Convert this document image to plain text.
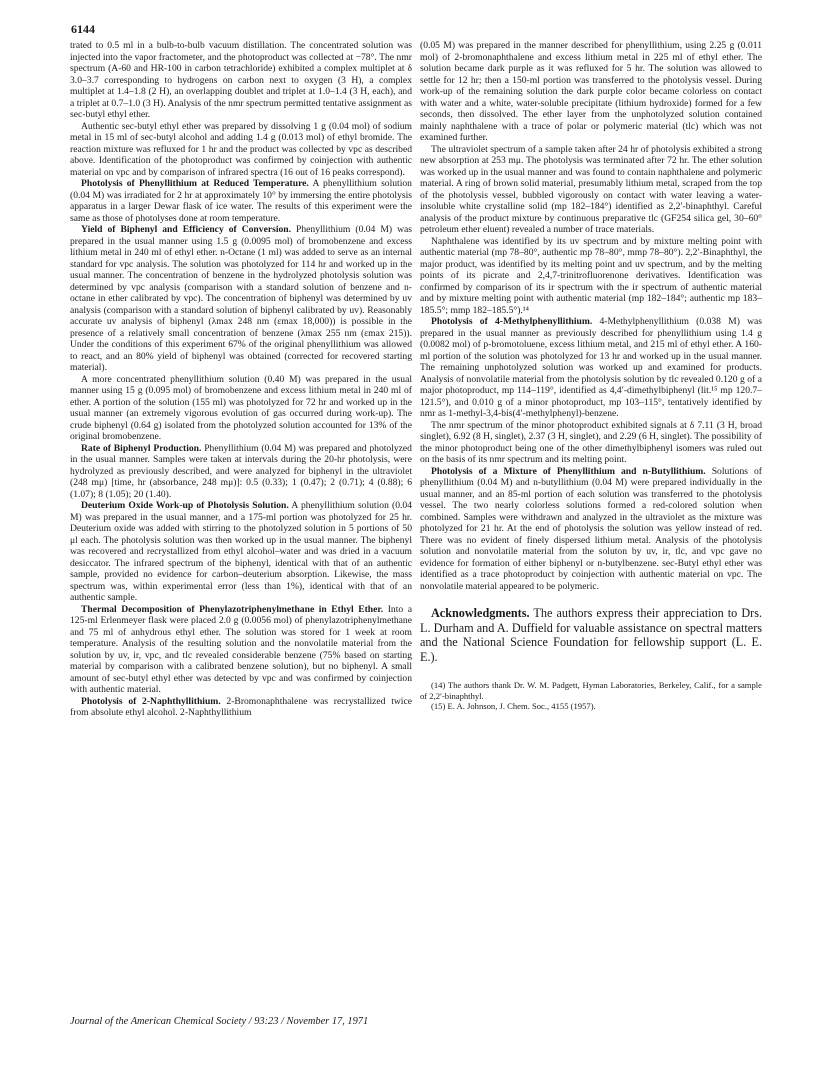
6144

trated to 0.5 ml in a bulb-to-bulb vacuum distillation. The concentrated solution was injected into the vapor fractometer, and the photoproduct was collected at −78°. The nmr spectrum (A-60 and HR-100 in carbon tetrachloride) exhibited a complex multiplet at δ 3.0–3.7 corresponding to hydrogens on carbon next to oxygen (3 H), a complex multiplet at 1.4–1.8 (2 H), an overlapping doublet and triplet at 1.0–1.4 (3 H, each), and a triplet at 0.7–1.0 (3 H). Analysis of the nmr spectrum permitted tentative assignment as sec-butyl ethyl ether.

Authentic sec-butyl ethyl ether was prepared by dissolving 1 g (0.04 mol) of sodium metal in 15 ml of sec-butyl alcohol and adding 1.4 g (0.013 mol) of ethyl bromide. The reaction mixture was refluxed for 1 hr and the product was collected by vpc as described above. Identification of the photoproduct was confirmed by coinjection with authentic material on vpc and by comparison of infrared spectra (16 out of 16 peaks correspond).

Photolysis of Phenyllithium at Reduced Temperature. A phenyllithium solution (0.04 M) was irradiated for 2 hr at approximately 10° by immersing the entire photolysis apparatus in a larger Dewar flask of ice water. The results of this experiment were the same as those of photolyses done at room temperature.

Yield of Biphenyl and Efficiency of Conversion. Phenyllithium (0.04 M) was prepared in the usual manner using 1.5 g (0.0095 mol) of bromobenzene and excess lithium metal in 240 ml of ethyl ether. n-Octane (1 ml) was added to serve as an internal standard for vpc analysis. The solution was photolyzed for 114 hr and worked up in the usual manner. The concentration of benzene in the hydrolyzed photolysis solution was determined by vpc analysis (comparison with a standard solution of benzene and n-octane in ether calibrated by vpc). The concentration of biphenyl was determined by uv analysis (comparison with a standard solution of biphenyl calibrated by uv). Reasonably accurate uv analysis of biphenyl (λmax 248 nm (εmax 18,000)) is possible in the presence of a relatively small concentration of benzene (λmax 255 nm (εmax 215)). Under the conditions of this experiment 67% of the original phenyllithium was allowed to react, and an 80% yield of biphenyl was obtained (corrected for recovered starting material).

A more concentrated phenyllithium solution (0.40 M) was prepared in the usual manner using 15 g (0.095 mol) of bromobenzene and excess lithium metal in 240 ml of ether. A portion of the solution (155 ml) was photolyzed for 72 hr and worked up in the usual manner (an extremely vigorous evolution of gas occurred during work-up). The crude biphenyl (0.64 g) isolated from the photolyzed solution accounted for 13% of the original bromobenzene.

Rate of Biphenyl Production. Phenyllithium (0.04 M) was prepared and photolyzed in the usual manner. Samples were taken at intervals during the 20-hr photolysis, were hydrolyzed as previously described, and were analyzed for biphenyl in the ultraviolet (248 mμ) [time, hr (absorbance, 248 mμ)]: 0.5 (0.33); 1 (0.47); 2 (0.71); 4 (0.88); 6 (1.07); 8 (1.05); 20 (1.40).

Deuterium Oxide Work-up of Photolysis Solution. A phenyllithium solution (0.04 M) was prepared in the usual manner, and a 175-ml portion was photolyzed for 25 hr. Deuterium oxide was added with stirring to the photolyzed solution in 5 portions of 50 μl each. The photolysis solution was then worked up in the usual manner. The biphenyl was recovered and recrystallized from ethyl alcohol–water and was dried in a vacuum desiccator. The infrared spectrum of the biphenyl, identical with that of an authentic sample, provided no evidence for carbon–deuterium absorption. Likewise, the mass spectrum was, within experimental error (less than 1%), identical with that of an authentic sample.

Thermal Decomposition of Phenylazotriphenylmethane in Ethyl Ether. Into a 125-ml Erlenmeyer flask were placed 2.0 g (0.0056 mol) of phenylazotriphenylmethane and 75 ml of anhydrous ethyl ether. The solution was stored for 1 week at room temperature. Analysis of the resulting solution and the nonvolatile material from the solution by uv, ir, vpc, and tlc revealed considerable benzene (75% based on starting material by comparison with a calibrated benzene solution), but no biphenyl. A small amount of sec-butyl ethyl ether was detected by vpc and was confirmed by coinjection with authentic material.

Photolysis of 2-Naphthyllithium. 2-Bromonaphthalene was recrystallized twice from absolute ethyl alcohol. 2-Naphthyllithium

(0.05 M) was prepared in the manner described for phenyllithium, using 2.25 g (0.011 mol) of 2-bromonaphthalene and excess lithium metal in 225 ml of ethyl ether. The solution became dark purple as it was refluxed for 5 hr. The solution was allowed to settle for 12 hr; then a 150-ml portion was transferred to the photolysis vessel. During work-up of the remaining solution the dark purple color became colorless on contact with water and a white, water-soluble precipitate (lithium hydroxide) formed for a few seconds, then dissolved. The ether layer from the unphotolyzed solution contained mainly naphthalene with a trace of polar or polymeric material (tlc) which was not examined further.

The ultraviolet spectrum of a sample taken after 24 hr of photolysis exhibited a strong new absorption at 253 mμ. The photolysis was terminated after 72 hr. The ether solution was worked up in the usual manner and was found to contain naphthalene and polymeric material. A ring of brown solid material, presumably lithium metal, scraped from the top of the photolysis vessel, bubbled vigorously on contact with water leaving a water-insoluble white crystalline solid (mp 182–184°) identified as 2,2′-binaphthyl. Careful analysis of the product mixture by continuous preparative tlc (GF254 silica gel, 30–60° petroleum ether eluent) revealed a number of trace materials.

Naphthalene was identified by its uv spectrum and by mixture melting point with authentic material (mp 78–80°, authentic mp 78–80°, mmp 78–80°). 2,2′-Binaphthyl, the major product, was identified by its melting point and uv spectrum, and by the melting points of its picrate and 2,4,7-trinitrofluorenone derivatives. Identification was confirmed by comparison of its ir spectrum with the ir spectrum of authentic material and by mixture melting point with authentic material (mp 182–184°; authentic mp 183–185.5°; mmp 182–185.5°).¹⁴

Photolysis of 4-Methylphenyllithium. 4-Methylphenyllithium (0.038 M) was prepared in the usual manner as previously described for phenyllithium using 1.4 g (0.0082 mol) of p-bromotoluene, excess lithium metal, and 215 ml of ethyl ether. A 160-ml portion of the solution was photolyzed for 13 hr and worked up in the usual manner. The remaining unphotolyzed solution was worked up and examined for products. Analysis of nonvolatile material from the photolysis solution by tlc revealed 0.120 g of a major photoproduct, mp 114–119°, identified as 4,4′-dimethylbiphenyl (lit.¹⁵ mp 120.7–121.5°), and 0.010 g of a minor photoproduct, mp 103–115°, tentatively identified by nmr as 1-methyl-3,4-bis(4′-methylphenyl)-benzene.

The nmr spectrum of the minor photoproduct exhibited signals at δ 7.11 (3 H, broad singlet), 6.92 (8 H, singlet), 2.37 (3 H, singlet), and 2.29 (6 H, singlet). The possibility of the minor photoproduct being one of the other dimethylbiphenyl isomers was ruled out on the basis of its nmr spectrum and its melting point.

Photolysis of a Mixture of Phenyllithium and n-Butyllithium. Solutions of phenyllithium (0.04 M) and n-butyllithium (0.04 M) were prepared individually in the usual manner, and an 85-ml portion of each solution was transferred to the photolysis vessel. The two nearly colorless solutions formed a red-colored solution when combined. Samples were withdrawn and analyzed in the ultraviolet as the mixture was photolyzed for 21 hr. At the end of photolysis the solution was yellow instead of red. There was no evident of finely dispersed lithium metal. Analysis of the photolysis solution and nonvolatile material from the soluton by uv, ir, tlc, and vpc gave no evidence for formation of either biphenyl or n-butylbenzene. sec-Butyl ethyl ether was identified as a trace photoproduct by coinjection with authentic material on vpc. The nonvolatile material appeared to be polymeric.

Acknowledgments. The authors express their appreciation to Drs. L. Durham and A. Duffield for valuable assistance on spectral matters and the National Science Foundation for fellowship support (L. E. E.).

(14) The authors thank Dr. W. M. Padgett, Hyman Laboratories, Berkeley, Calif., for a sample of 2,2′-binaphthyl.
(15) E. A. Johnson, J. Chem. Soc., 4155 (1957).
Journal of the American Chemical Society / 93:23 / November 17, 1971
